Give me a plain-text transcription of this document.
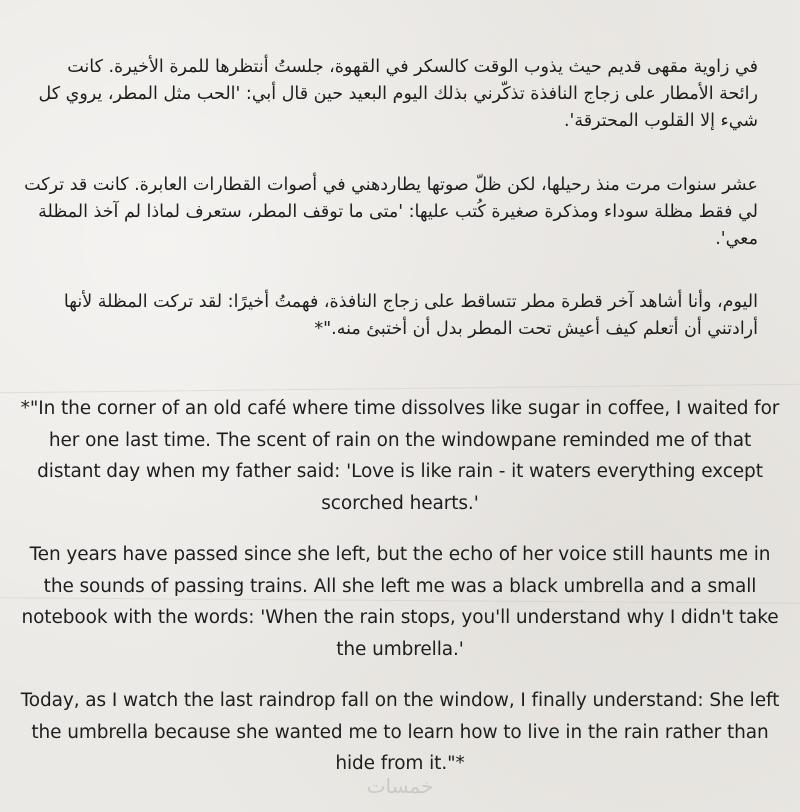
في زاوية مقهى قديم حيث يذوب الوقت كالسكر في القهوة، جلستُ أنتظرها للمرة الأخيرة. كانت رائحة الأمطار على زجاج النافذة تذكّرني بذلك اليوم البعيد حين قال أبي: 'الحب مثل المطر، يروي كل شيء إلا القلوب المحترقة'.

عشر سنوات مرت منذ رحيلها، لكن ظلّ صوتها يطاردهني في أصوات القطارات العابرة. كانت قد تركت لي فقط مظلة سوداء ومذكرة صغيرة كُتب عليها: 'متى ما توقف المطر، ستعرف لماذا لم آخذ المظلة معي'.

اليوم، وأنا أشاهد آخر قطرة مطر تتساقط على زجاج النافذة، فهمتُ أخيرًا: لقد تركت المظلة لأنها أرادتني أن أتعلم كيف أعيش تحت المطر بدل أن أختبئ منه."*

*"In the corner of an old café where time dissolves like sugar in coffee, I waited for her one last time. The scent of rain on the windowpane reminded me of that distant day when my father said: 'Love is like rain - it waters everything except scorched hearts.'

Ten years have passed since she left, but the echo of her voice still haunts me in the sounds of passing trains. All she left me was a black umbrella and a small notebook with the words: 'When the rain stops, you'll understand why I didn't take the umbrella.'

Today, as I watch the last raindrop fall on the window, I finally understand: She left the umbrella because she wanted me to learn how to live in the rain rather than hide from it."*

خمسات
